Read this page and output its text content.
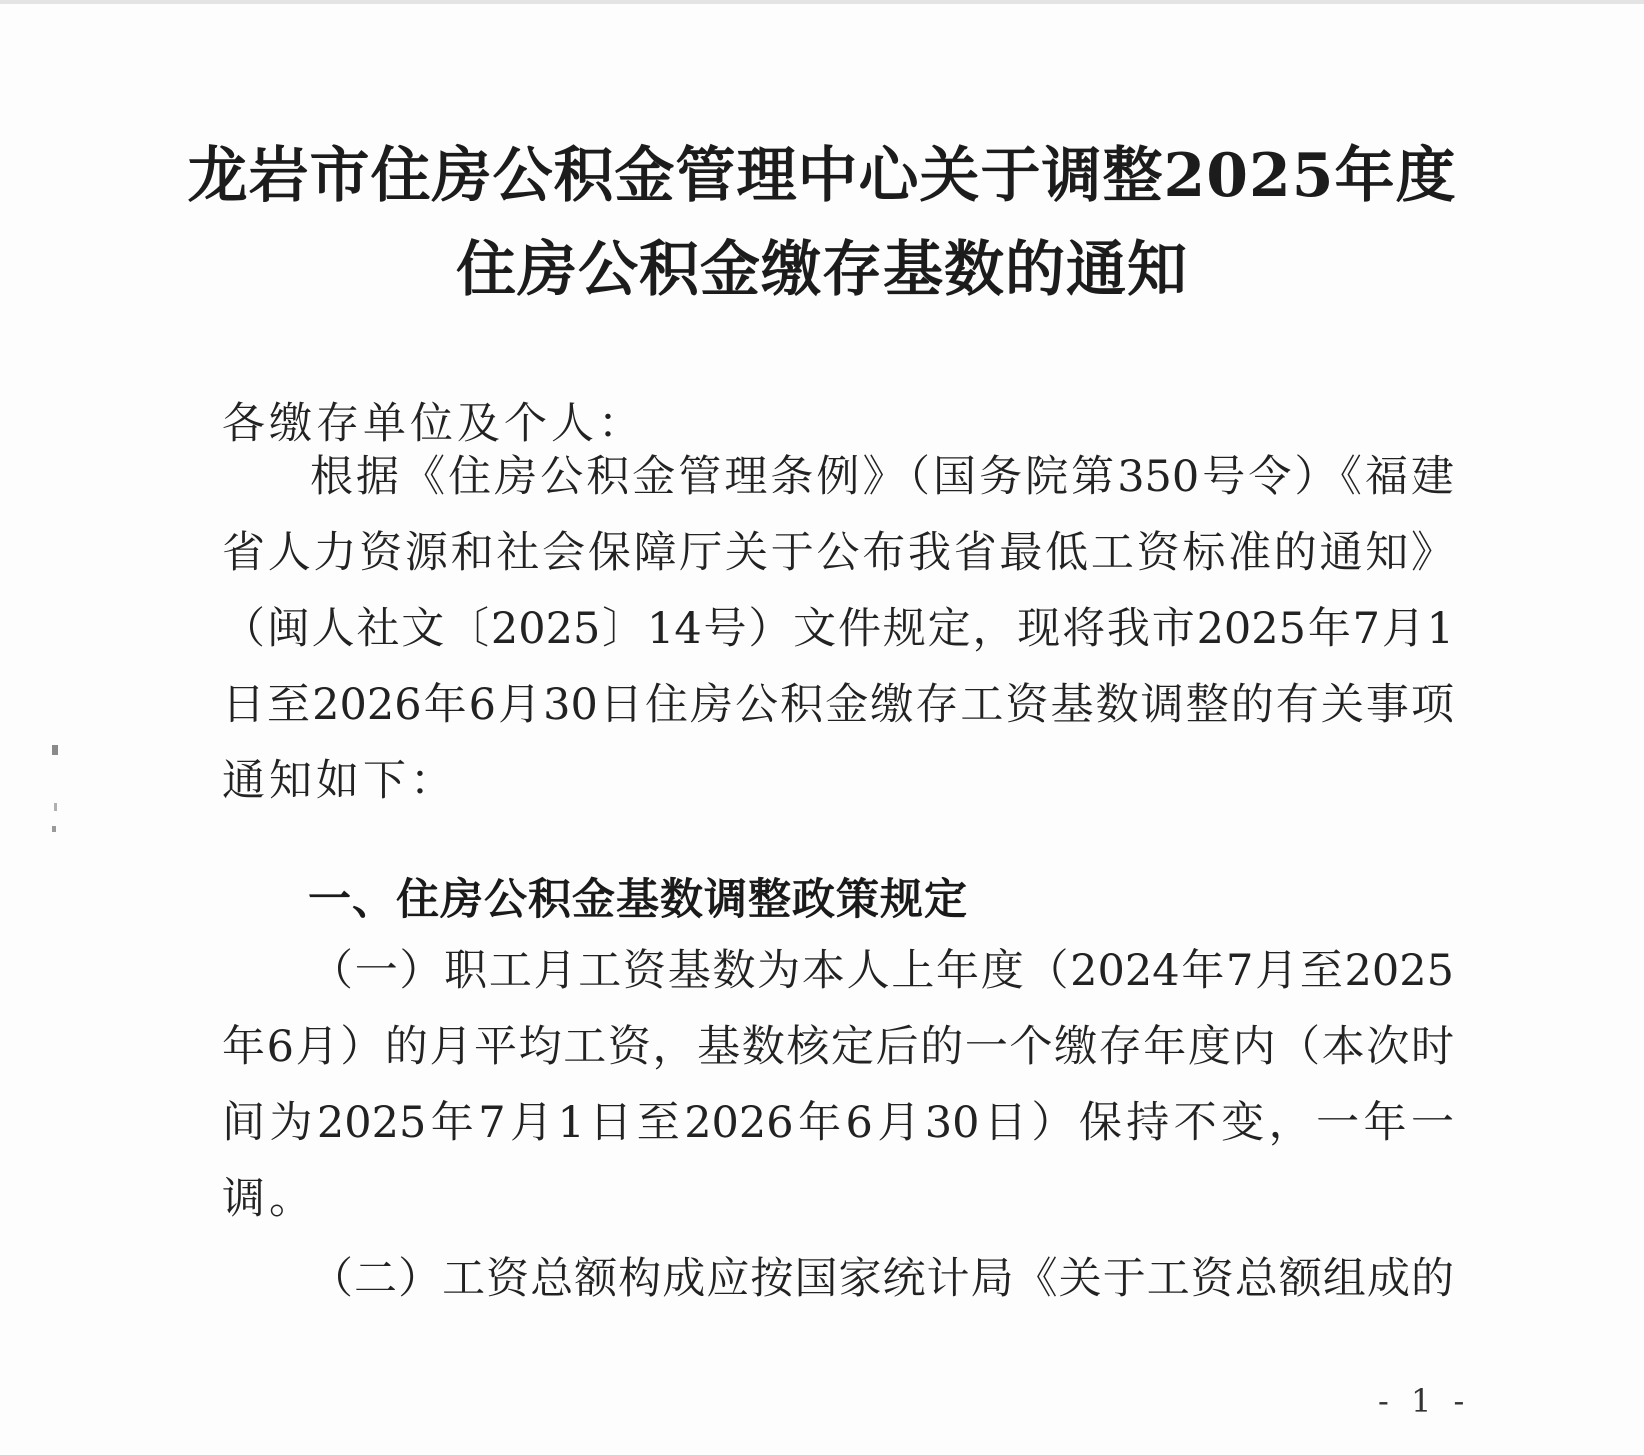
龙岩市住房公积金管理中心关于调整2025年度
住房公积金缴存基数的通知
各缴存单位及个人：
根据《住房公积金管理条例》（国务院第350号令）《福建
省人力资源和社会保障厅关于公布我省最低工资标准的通知》
（闽人社文〔2025〕14号）文件规定，现将我市2025年7月1
日至2026年6月30日住房公积金缴存工资基数调整的有关事项
通知如下：
一、住房公积金基数调整政策规定
（一）职工月工资基数为本人上年度（2024年7月至2025
年6月）的月平均工资，基数核定后的一个缴存年度内（本次时
间为2025年7月1日至2026年6月30日）保持不变，一年一
调。
（二）工资总额构成应按国家统计局《关于工资总额组成的
- 1 -
